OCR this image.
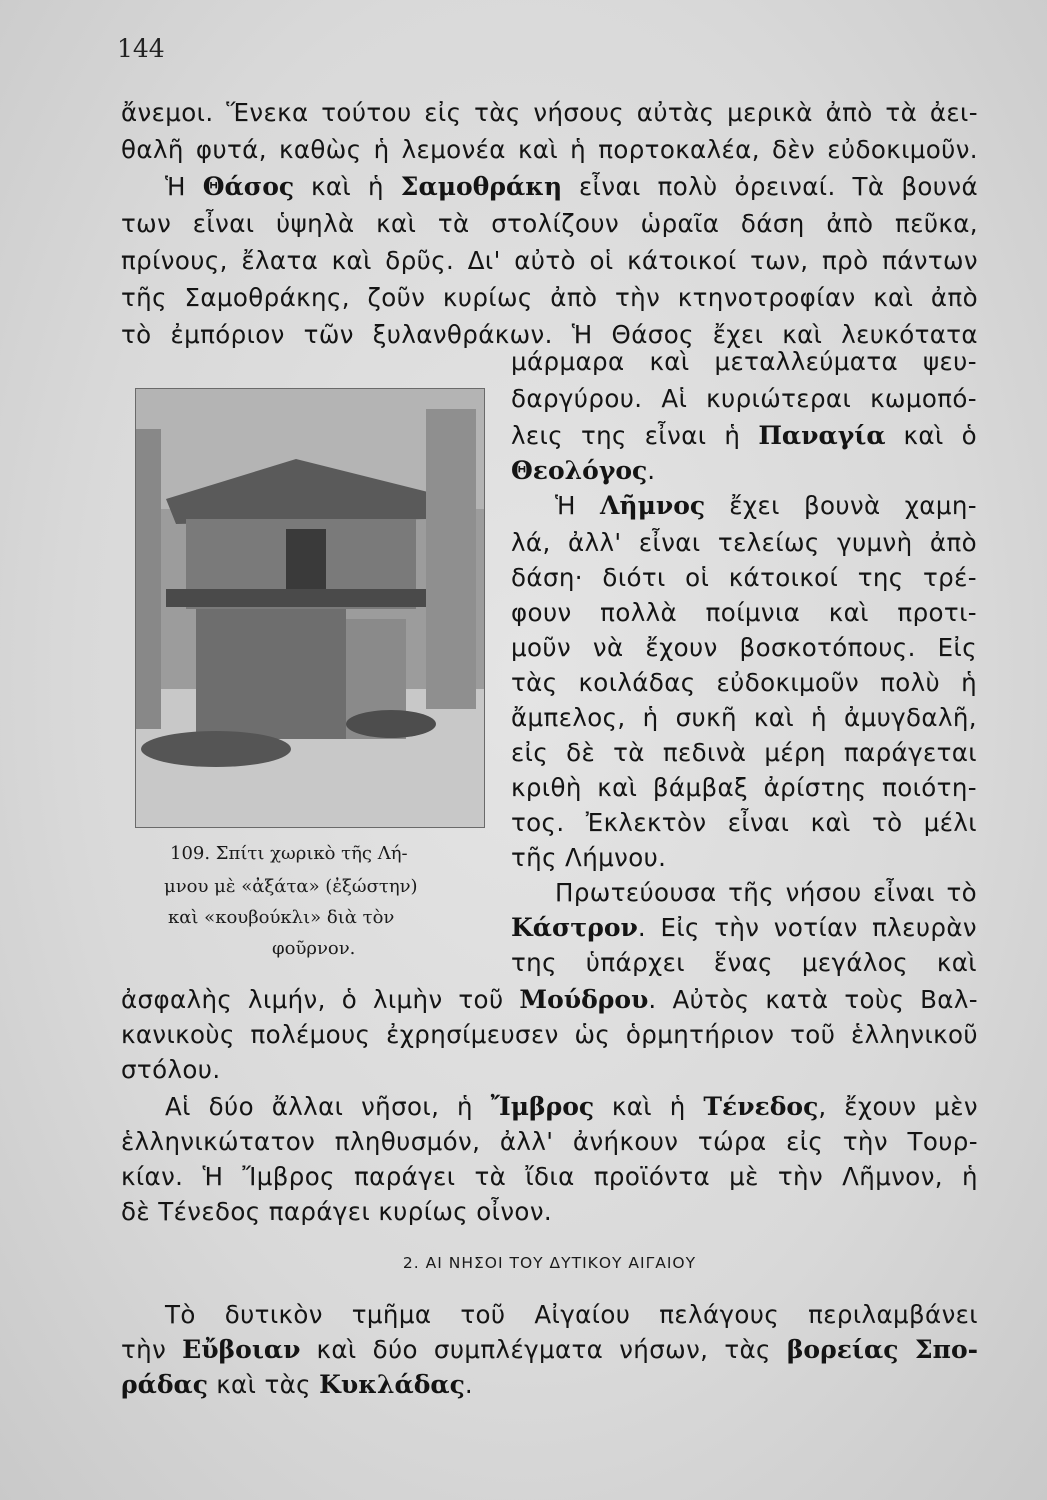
144
ἄνεμοι. Ἕνεκα τούτου εἰς τὰς νήσους αὐτὰς μερικὰ ἀπὸ τὰ ἀει-
θαλῆ φυτά, καθὼς ἡ λεμονέα καὶ ἡ πορτοκαλέα, δὲν εὐδοκιμοῦν.
Ἡ Θάσος καὶ ἡ Σαμοθράκη εἶναι πολὺ ὀρειναί. Τὰ βουνά
των εἶναι ὑψηλὰ καὶ τὰ στολίζουν ὡραῖα δάση ἀπὸ πεῦκα,
πρίνους, ἔλατα καὶ δρῦς. Δι' αὐτὸ οἱ κάτοικοί των, πρὸ πάντων
τῆς Σαμοθράκης, ζοῦν κυρίως ἀπὸ τὴν κτηνοτροφίαν καὶ ἀπὸ
τὸ ἐμπόριον τῶν ξυλανθράκων. Ἡ Θάσος ἔχει καὶ λευκότατα
109. Σπίτι χωρικὸ τῆς Λή-
μνου μὲ «ἀξάτα» (ἐξώστην)
καὶ «κουβούκλι» διὰ τὸν
φοῦρνον.
μάρμαρα καὶ μεταλλεύματα ψευ-
δαργύρου. Αἱ κυριώτεραι κωμοπό-
λεις της εἶναι ἡ Παναγία καὶ ὁ
Θεολόγος.
Ἡ Λῆμνος ἔχει βουνὰ χαμη-
λά, ἀλλ' εἶναι τελείως γυμνὴ ἀπὸ
δάση· διότι οἱ κάτοικοί της τρέ-
φουν πολλὰ ποίμνια καὶ προτι-
μοῦν νὰ ἔχουν βοσκοτόπους. Εἰς
τὰς κοιλάδας εὐδοκιμοῦν πολὺ ἡ
ἄμπελος, ἡ συκῆ καὶ ἡ ἀμυγδαλῆ,
εἰς δὲ τὰ πεδινὰ μέρη παράγεται
κριθὴ καὶ βάμβαξ ἀρίστης ποιότη-
τος. Ἐκλεκτὸν εἶναι καὶ τὸ μέλι
τῆς Λήμνου.
Πρωτεύουσα τῆς νήσου εἶναι τὸ
Κάστρον. Εἰς τὴν νοτίαν πλευρὰν
της ὑπάρχει ἕνας μεγάλος καὶ
ἀσφαλὴς λιμήν, ὁ λιμὴν τοῦ Μούδρου. Αὐτὸς κατὰ τοὺς Βαλ-
κανικοὺς πολέμους ἐχρησίμευσεν ὡς ὁρμητήριον τοῦ ἑλληνικοῦ
στόλου.
Αἱ δύο ἄλλαι νῆσοι, ἡ Ἴμβρος καὶ ἡ Τένεδος, ἔχουν μὲν
ἑλληνικώτατον πληθυσμόν, ἀλλ' ἀνήκουν τώρα εἰς τὴν Τουρ-
κίαν. Ἡ Ἴμβρος παράγει τὰ ἴδια προϊόντα μὲ τὴν Λῆμνον, ἡ
δὲ Τένεδος παράγει κυρίως οἶνον.
2. ΑΙ ΝΗΣΟΙ ΤΟΥ ΔΥΤΙΚΟΥ ΑΙΓΑΙΟΥ
Τὸ δυτικὸν τμῆμα τοῦ Αἰγαίου πελάγους περιλαμβάνει
τὴν Εὔβοιαν καὶ δύο συμπλέγματα νήσων, τὰς βορείας Σπο-
ράδας καὶ τὰς Κυκλάδας.
